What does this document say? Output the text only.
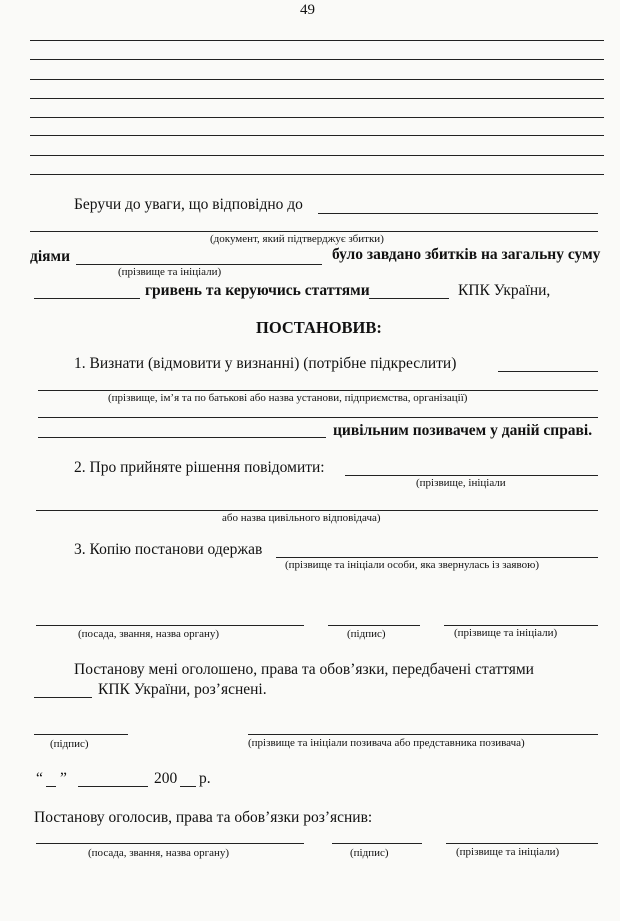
49
Беручи до уваги, що відповідно до
(документ, який підтверджує збитки)
діями	було завдано збитків на загальну суму
(прізвище та ініціали)
гривень та керуючись статтями	КПК України,
ПОСТАНОВИВ:
1. Визнати (відмовити у визнанні) (потрібне підкреслити)
(прізвище, ім’я та по батькові або назва установи, підприємства, організації)
цивільним позивачем у даній справі.
2. Про прийняте рішення повідомити:
(прізвище, ініціали
або назва цивільного відповідача)
3. Копію постанови одержав
(прізвище та ініціали особи, яка звернулась із заявою)
(посада, звання, назва органу)	(підпис)	(прізвище та ініціали)
Постанову мені оголошено, права та обов’язки, передбачені статтями
КПК України, роз’яснені.
(підпис)	(прізвище та ініціали позивача або представника позивача)
“ ”	200 р.
Постанову оголосив, права та обов’язки роз’яснив:
(посада, звання, назва органу)	(підпис)	(прізвище та ініціали)
